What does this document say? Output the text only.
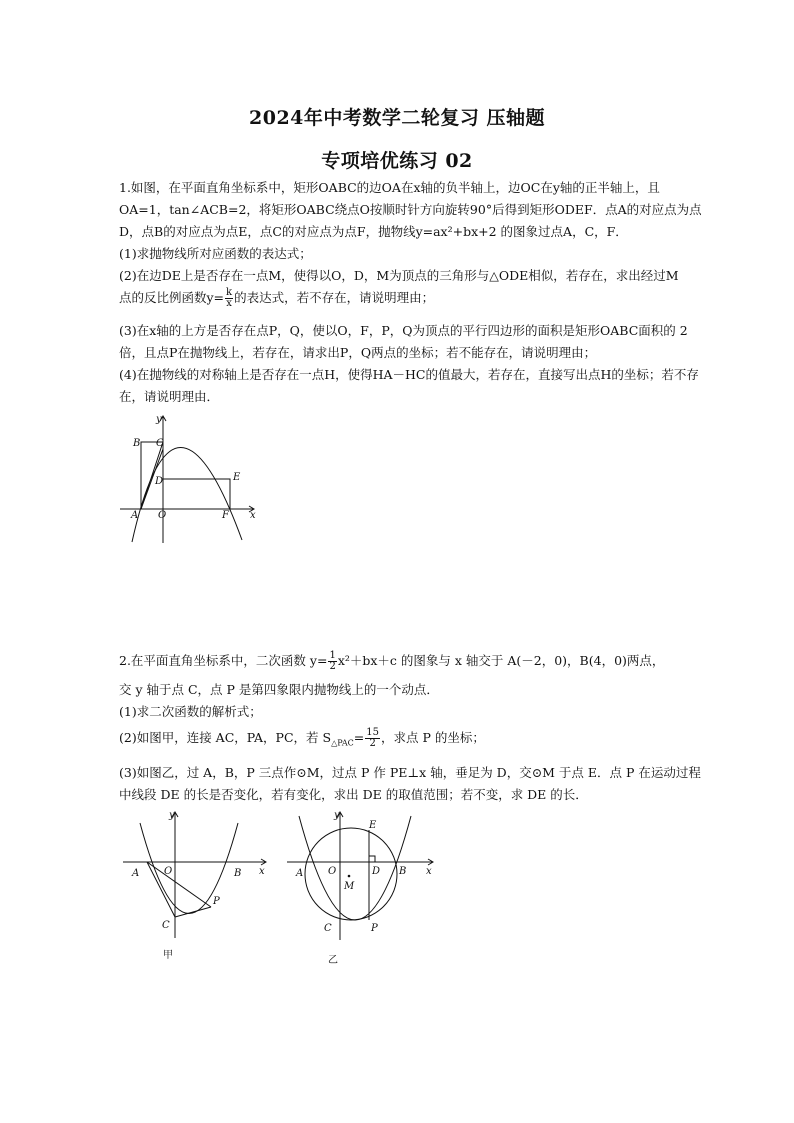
2024年中考数学二轮复习 压轴题
专项培优练习 02
1.如图，在平面直角坐标系中，矩形OABC的边OA在x轴的负半轴上，边OC在y轴的正半轴上，且OA=1，tan∠ACB=2，将矩形OABC绕点O按顺时针方向旋转90°后得到矩形ODEF．点A的对应点为点D，点B的对应点为点E，点C的对应点为点F，抛物线y=ax²+bx+2 的图象过点A，C，F．
(1)求抛物线所对应函数的表达式；
(2)在边DE上是否存在一点M，使得以O，D，M为顶点的三角形与△ODE相似，若存在，求出经过M
点的反比例函数$y= \frac{k}{x}$ 的表达式，若不存在，请说明理由；
(3)在x轴的上方是否存在点P，Q，使以O，F，P，Q为顶点的平行四边形的面积是矩形OABC面积的 2 倍，且点P在抛物线上，若存在，请求出P，Q两点的坐标；若不能存在，请说明理由；
(4)在抛物线的对称轴上是否存在一点H，使得HA－HC的值最大，若存在，直接写出点H的坐标；若不存在，请说明理由．
B
y
C
E
D
A O	F x
2.在平面直角坐标系中，二次函数 $y= \frac{1}{2} x^2+bx+c$ 的图象与 x 轴交于 A(－2，0)，B(4，0)两点，
交 y 轴于点 C，点 P 是第四象限内抛物线上的一个动点．
(1)求二次函数的解析式；
(2)如图甲，连接 AC，PA，PC，若 $S_{\triangle PAC}= \frac{15}{2}$ ，求点 P 的坐标；
(3)如图乙，过 A，B，P 三点作⊙M，过点 P 作 PE⊥x 轴，垂足为 D，交⊙M 于点 E．点 P 在运动过程中线段 DE 的长是否变化，若有变化，求出 DE 的取值范围；若不变，求 DE 的长．
y
A O	B x
P
C
甲
y
E
A O	D B x
M
C	P
乙
